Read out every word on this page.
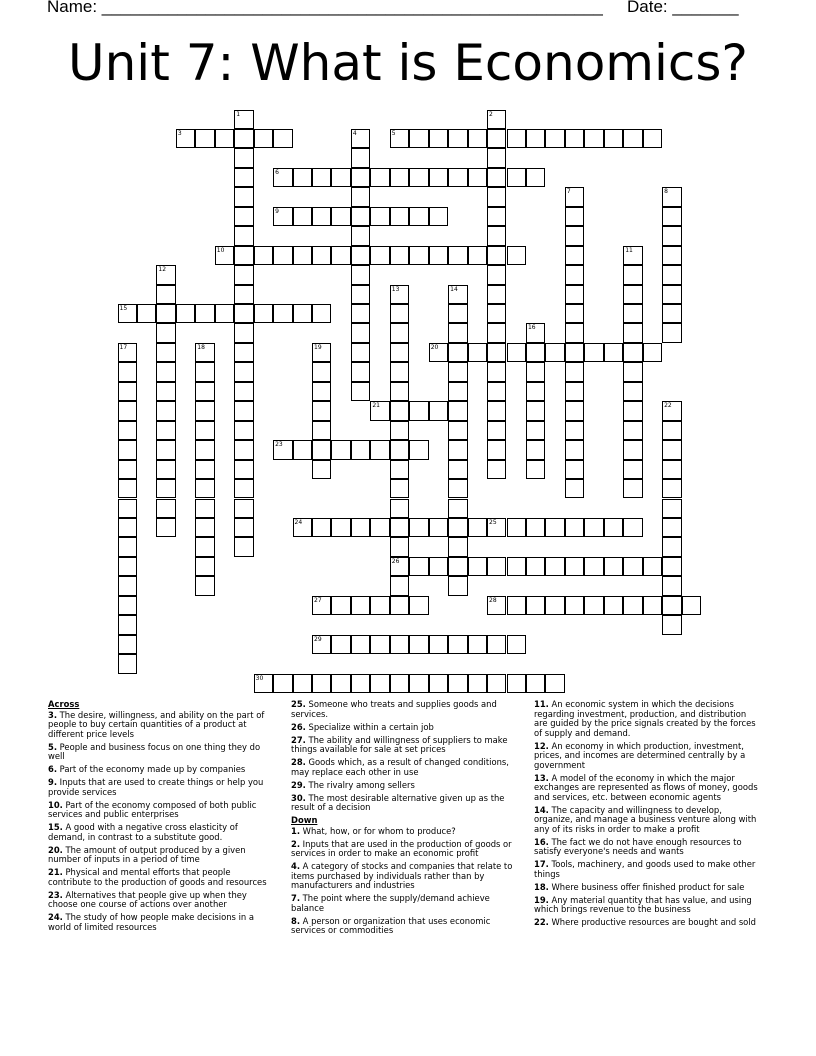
Name: _____________________________________________________ Date: _______
Unit 7: What is Economics?
1	2
3	4	5
6
7	8
9
10	11
12
13
26
14
15
16
17	18	19	20
21	22
23
24	25
27	28
29
30
Across
3. The desire, willingness, and ability on the part of people to buy certain quantities of a product at different price levels
5. People and business focus on one thing they do well
6. Part of the economy made up by companies
9. Inputs that are used to create things or help you provide services
10. Part of the economy composed of both public services and public enterprises
15. A good with a negative cross elasticity of demand, in contrast to a substitute good.
20. The amount of output produced by a given number of inputs in a period of time
21. Physical and mental efforts that people contribute to the production of goods and resources
23. Alternatives that people give up when they choose one course of actions over another
24. The study of how people make decisions in a world of limited resources
25. Someone who treats and supplies goods and services.
26. Specialize within a certain job
27. The ability and willingness of suppliers to make things available for sale at set prices
28. Goods which, as a result of changed conditions, may replace each other in use
29. The rivalry among sellers
30. The most desirable alternative given up as the result of a decision
Down
1. What, how, or for whom to produce?
2. Inputs that are used in the production of goods or services in order to make an economic profit
4. A category of stocks and companies that relate to items purchased by individuals rather than by manufacturers and industries
7. The point where the supply/demand achieve balance
8. A person or organization that uses economic services or commodities
11. An economic system in which the decisions regarding investment, production, and distribution are guided by the price signals created by the forces of supply and demand.
12. An economy in which production, investment, prices, and incomes are determined centrally by a government
13. A model of the economy in which the major exchanges are represented as flows of money, goods and services, etc. between economic agents
14. The capacity and willingness to develop, organize, and manage a business venture along with any of its risks in order to make a profit
16. The fact we do not have enough resources to satisfy everyone's needs and wants
17. Tools, machinery, and goods used to make other things
18. Where business offer finished product for sale
19. Any material quantity that has value, and using which brings revenue to the business
22. Where productive resources are bought and sold
